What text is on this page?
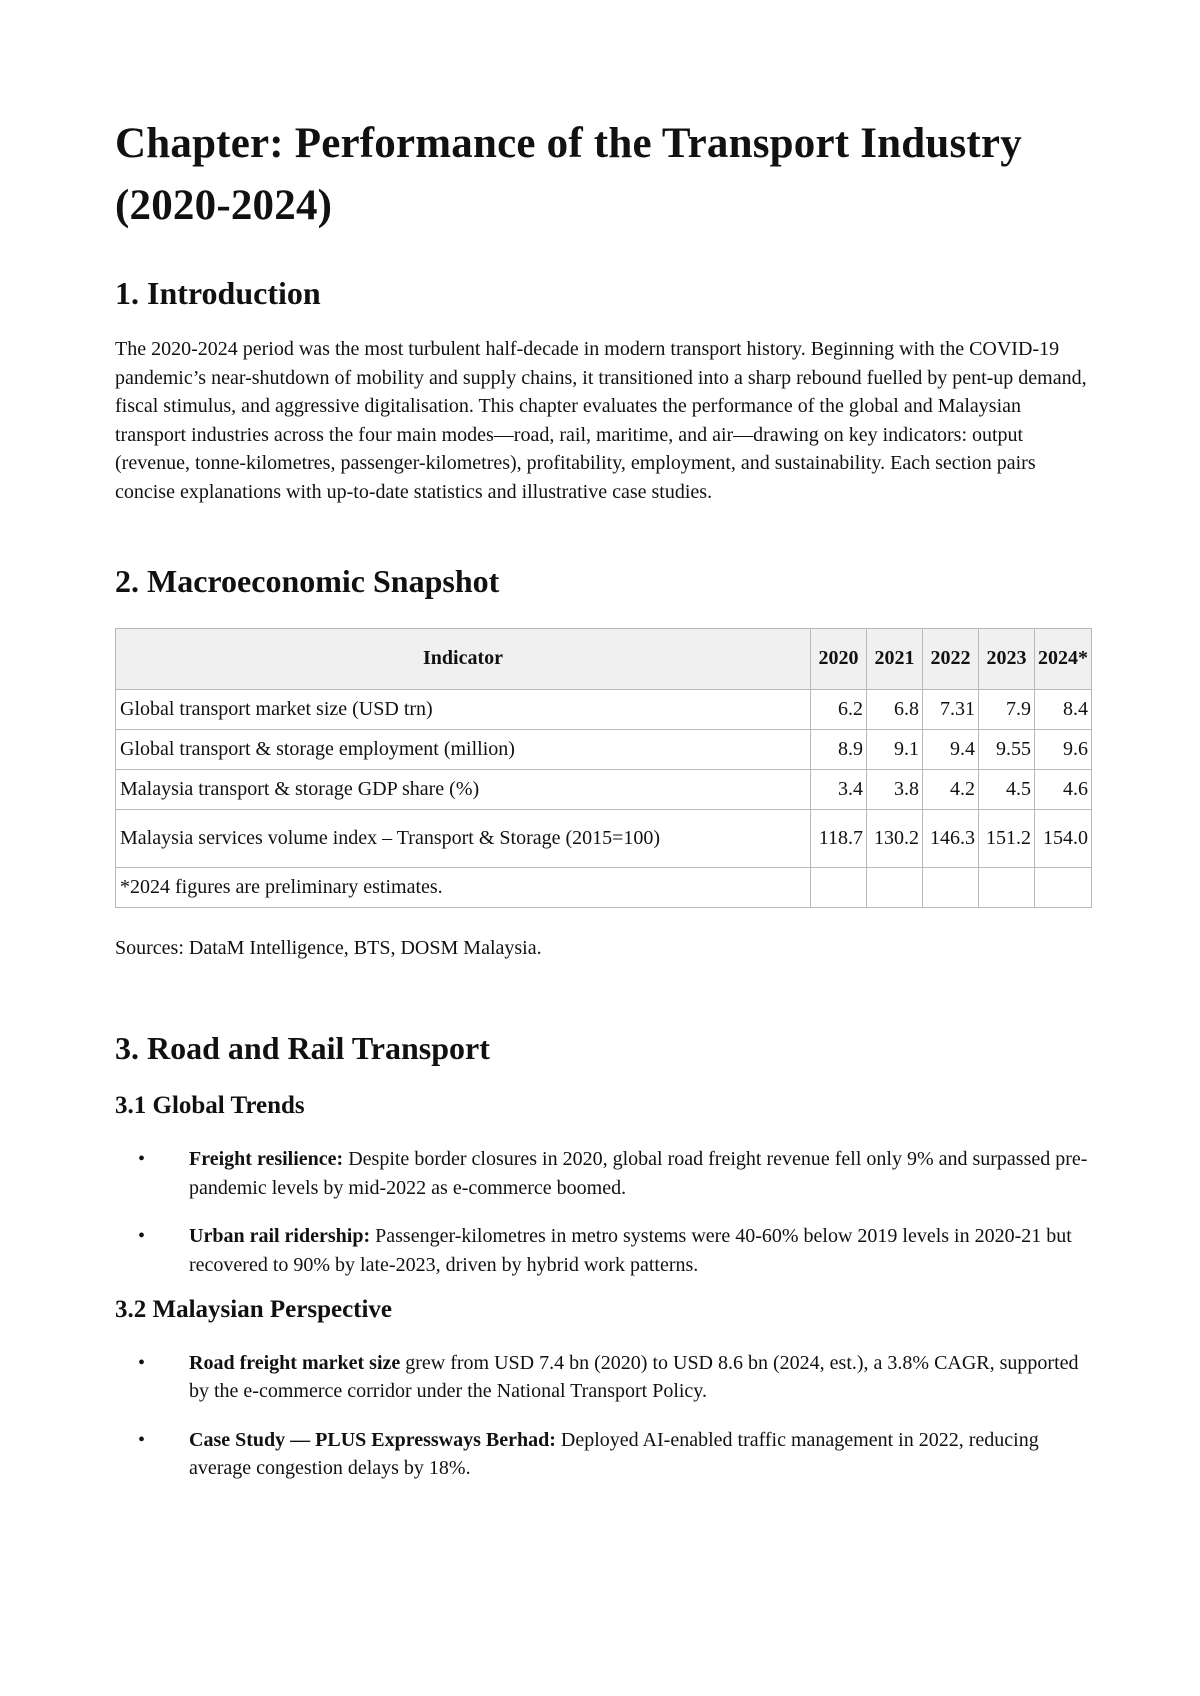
Chapter: Performance of the Transport Industry (2020-2024)
1. Introduction

The 2020-2024 period was the most turbulent half-decade in modern transport history. Beginning with the COVID-19 pandemic’s near-shutdown of mobility and supply chains, it transitioned into a sharp rebound fuelled by pent-up demand, fiscal stimulus, and aggressive digitalisation. This chapter evaluates the performance of the global and Malaysian transport industries across the four main modes—road, rail, maritime, and air—drawing on key indicators: output (revenue, tonne-kilometres, passenger-kilometres), profitability, employment, and sustainability. Each section pairs concise explanations with up-to-date statistics and illustrative case studies.

2. Macroeconomic Snapshot
Indicator	2020	2021	2022	2023	2024*
Global transport market size (USD trn)	6.2	6.8	7.31	7.9	8.4
Global transport & storage employment (million)	8.9	9.1	9.4	9.55	9.6
Malaysia transport & storage GDP share (%)	3.4	3.8	4.2	4.5	4.6
Malaysia services volume index – Transport & Storage (2015=100)	118.7	130.2	146.3	151.2	154.0
*2024 figures are preliminary estimates.					

Sources: DataM Intelligence, BTS, DOSM Malaysia.

3. Road and Rail Transport
3.1 Global Trends
• Freight resilience: Despite border closures in 2020, global road freight revenue fell only 9% and surpassed pre-pandemic levels by mid-2022 as e-commerce boomed.
• Urban rail ridership: Passenger-kilometres in metro systems were 40-60% below 2019 levels in 2020-21 but recovered to 90% by late-2023, driven by hybrid work patterns.
3.2 Malaysian Perspective
• Road freight market size grew from USD 7.4 bn (2020) to USD 8.6 bn (2024, est.), a 3.8% CAGR, supported by the e-commerce corridor under the National Transport Policy.
• Case Study — PLUS Expressways Berhad: Deployed AI-enabled traffic management in 2022, reducing average congestion delays by 18%.
